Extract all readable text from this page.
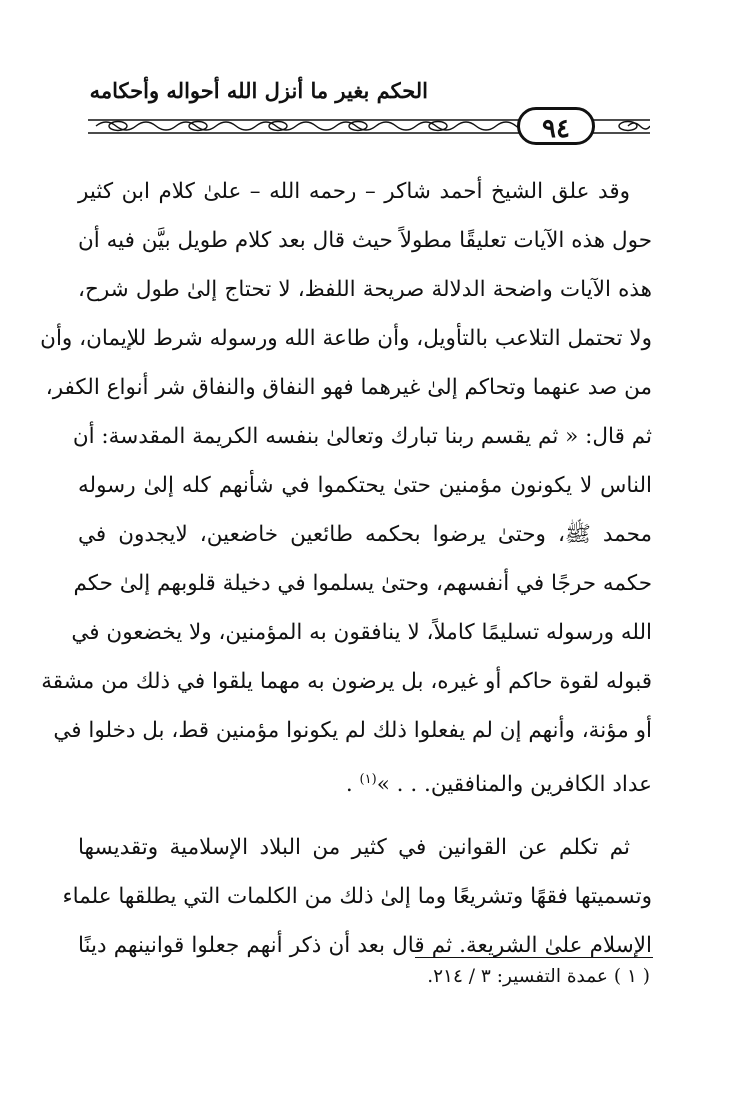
الحكم بغير ما أنزل الله أحواله وأحكامه
٩٤

وقد علق الشيخ أحمد شاكر – رحمه الله – علىٰ كلام ابن كثير
حول هذه الآيات تعليقًا مطولاً حيث قال بعد كلام طويل بيَّن فيه أن
هذه الآيات واضحة الدلالة صريحة اللفظ، لا تحتاج إلىٰ طول شرح،
ولا تحتمل التلاعب بالتأويل، وأن طاعة الله ورسوله شرط للإيمان، وأن
من صد عنهما وتحاكم إلىٰ غيرهما فهو النفاق والنفاق شر أنواع الكفر،
ثم قال: « ثم يقسم ربنا تبارك وتعالىٰ بنفسه الكريمة المقدسة: أن
الناس لا يكونون مؤمنين حتىٰ يحتكموا في شأنهم كله إلىٰ رسوله
محمد ﷺ، وحتىٰ يرضوا بحكمه طائعين خاضعين، لايجدون في
حكمه حرجًا في أنفسهم، وحتىٰ يسلموا في دخيلة قلوبهم إلىٰ حكم
الله ورسوله تسليمًا كاملاً، لا ينافقون به المؤمنين، ولا يخضعون في
قبوله لقوة حاكم أو غيره، بل يرضون به مهما يلقوا في ذلك من مشقة
أو مؤنة، وأنهم إن لم يفعلوا ذلك لم يكونوا مؤمنين قط، بل دخلوا في
عداد الكافرين والمنافقين. . . »$^{(١)}$ .

ثم تكلم عن القوانين في كثير من البلاد الإسلامية وتقديسها
وتسميتها فقهًا وتشريعًا وما إلىٰ ذلك من الكلمات التي يطلقها علماء
الإسلام علىٰ الشريعة. ثم قال بعد أن ذكر أنهم جعلوا قوانينهم دينًا

( ١ ) عمدة التفسير: ٣ / ٢١٤.
